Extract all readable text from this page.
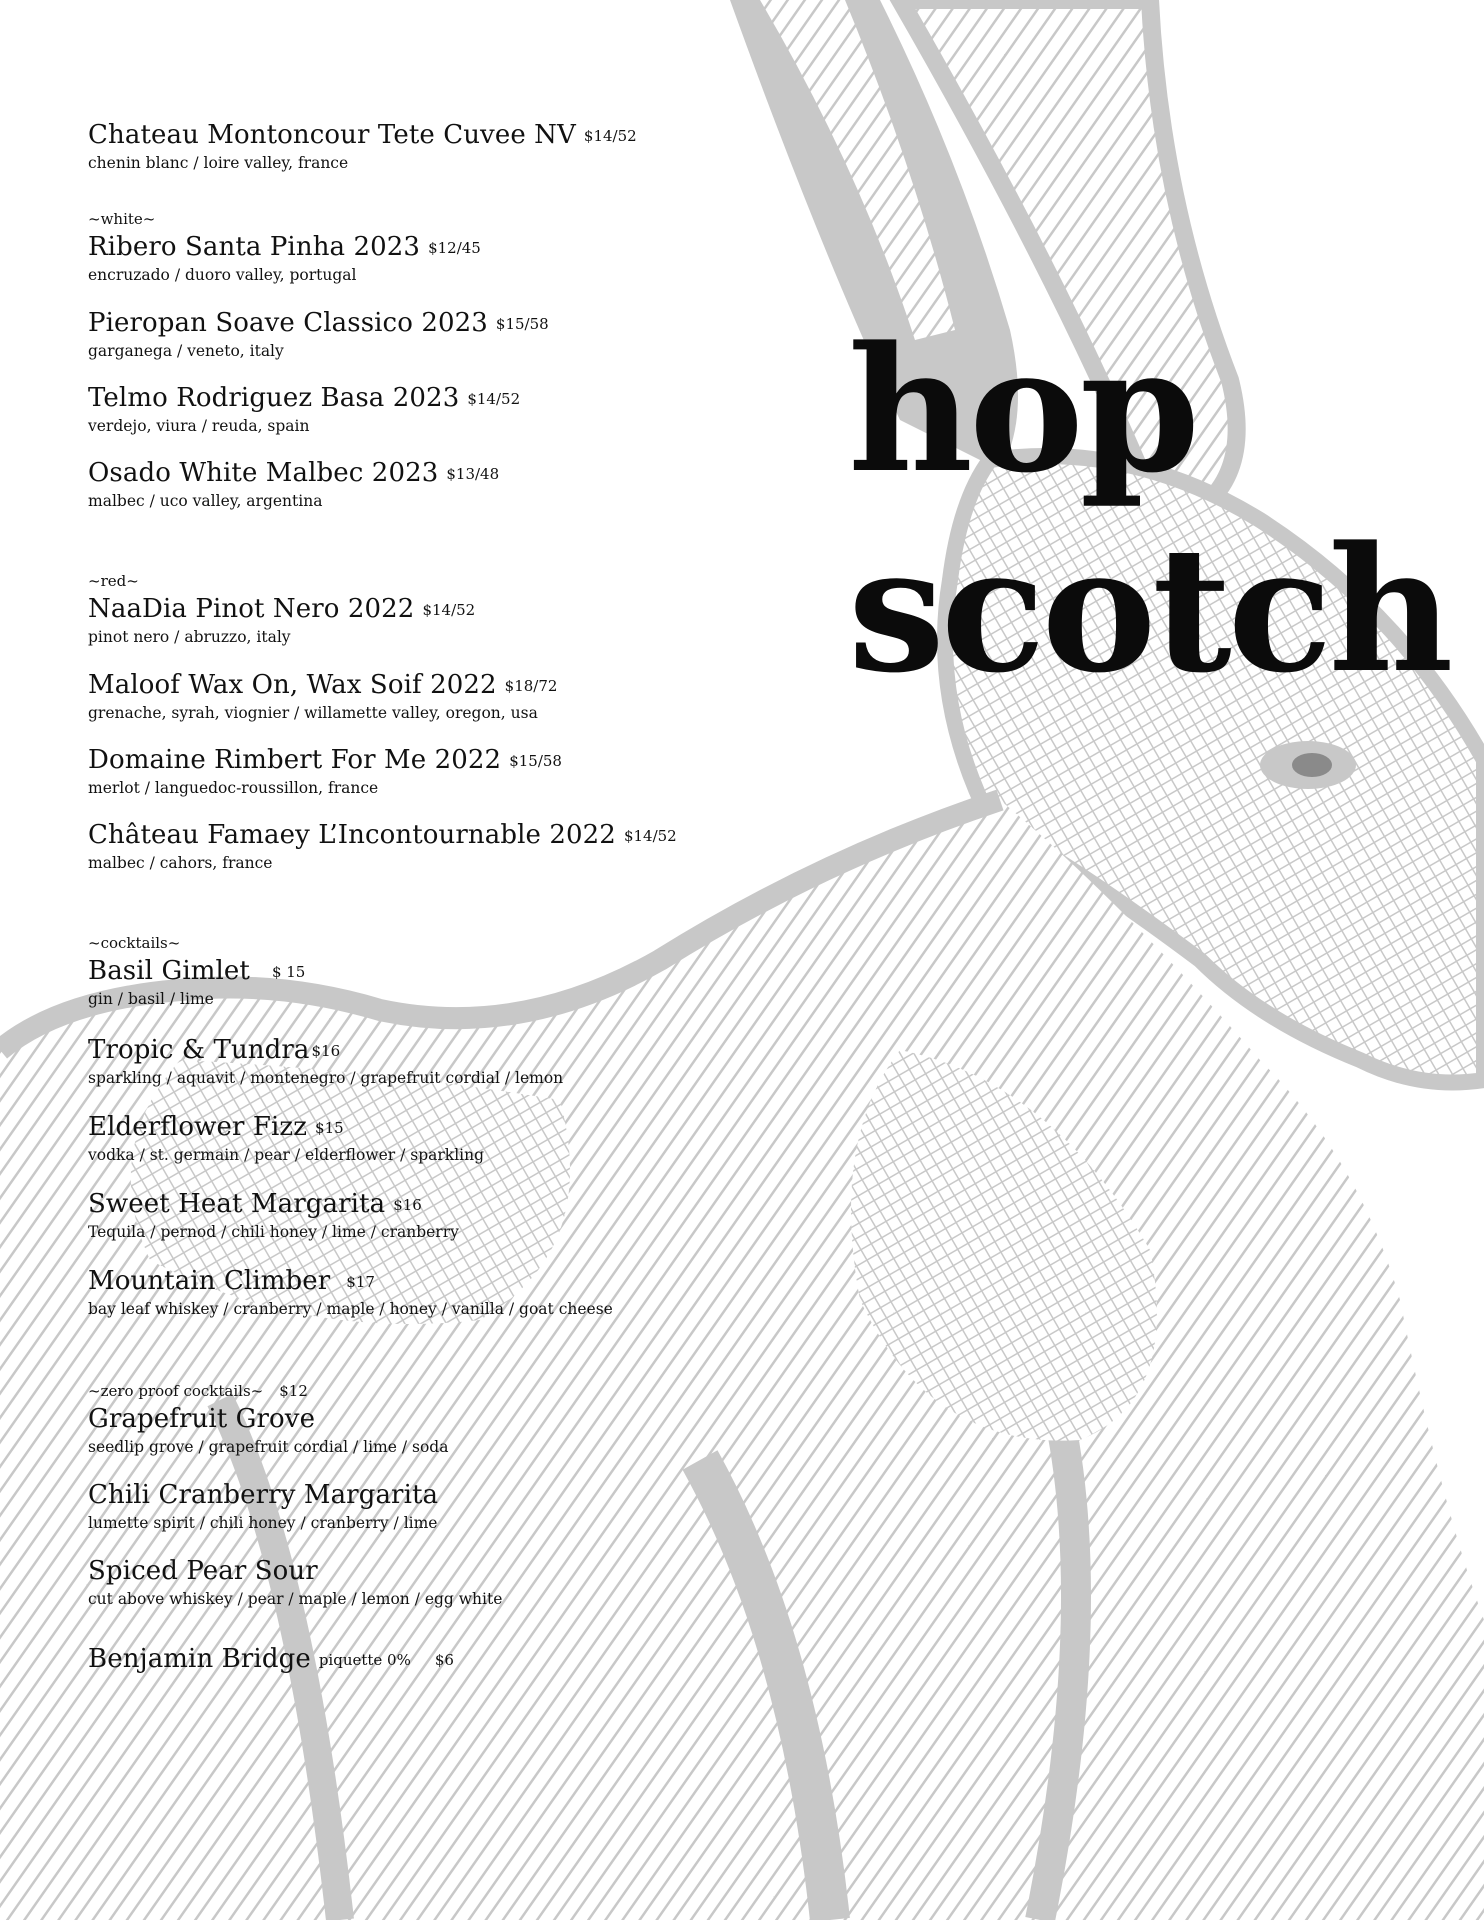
hop
scotch
Chateau Montoncour Tete Cuvee NV $14/52
chenin blanc / loire valley, france
~white~
Ribero Santa Pinha 2023 $12/45
encruzado / duoro valley, portugal
Pieropan Soave Classico 2023 $15/58
garganega / veneto, italy
Telmo Rodriguez Basa 2023 $14/52
verdejo, viura / reuda, spain
Osado White Malbec 2023 $13/48
malbec / uco valley, argentina
~red~
NaaDia Pinot Nero 2022 $14/52
pinot nero / abruzzo, italy
Maloof Wax On, Wax Soif 2022 $18/72
grenache, syrah, viognier / willamette valley, oregon, usa
Domaine Rimbert For Me 2022 $15/58
merlot / languedoc-roussillon, france
Château Famaey L’Incontournable 2022 $14/52
malbec / cahors, france
~cocktails~
Basil Gimlet $ 15
gin / basil / lime
Tropic & Tundra $16
sparkling / aquavit / montenegro / grapefruit cordial / lemon
Elderflower Fizz $15
vodka / st. germain / pear / elderflower / sparkling
Sweet Heat Margarita $16
Tequila / pernod / chili honey / lime / cranberry
Mountain Climber $17
bay leaf whiskey / cranberry / maple / honey / vanilla / goat cheese
~zero proof cocktails~ $12
Grapefruit Grove
seedlip grove / grapefruit cordial / lime / soda
Chili Cranberry Margarita
lumette spirit / chili honey / cranberry / lime
Spiced Pear Sour
cut above whiskey / pear / maple / lemon / egg white
Benjamin Bridge piquette 0% $6
